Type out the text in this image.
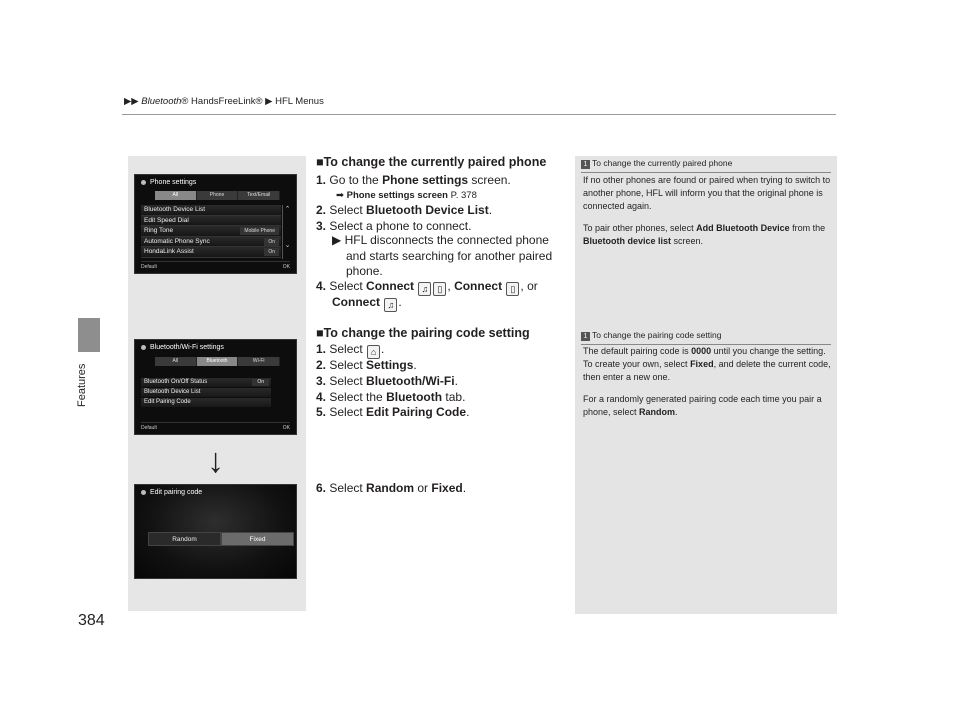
▶▶ Bluetooth® HandsFreeLink® ▶ HFL Menus
Features
384
Phone settings
All	Phone	Text/Email
Bluetooth Device List
Edit Speed Dial
Ring Tone	Mobile Phone
Automatic Phone Sync	On
HondaLink Assist	On
⌃
⌄
Default	OK
Bluetooth/Wi-Fi settings
All	Bluetooth	Wi-Fi
Bluetooth On/Off Status	On
Bluetooth Device List
Edit Pairing Code
Default	OK
↓
Edit pairing code
Random	Fixed
■To change the currently paired phone
1. Go to the Phone settings screen.
➡ Phone settings screen P. 378
2. Select Bluetooth Device List.
3. Select a phone to connect.
▶ HFL disconnects the connected phone
and starts searching for another paired
phone.
4. Select Connect ♫ ▯ , Connect ▯ , or
Connect ♫ .
■To change the pairing code setting
1. Select ⌂ .
2. Select Settings.
3. Select Bluetooth/Wi-Fi.
4. Select the Bluetooth tab.
5. Select Edit Pairing Code.
6. Select Random or Fixed.
1 To change the currently paired phone

If no other phones are found or paired when trying to switch to another phone, HFL will inform you that the original phone is connected again.

To pair other phones, select Add Bluetooth Device from the Bluetooth device list screen.

1 To change the pairing code setting

The default pairing code is 0000 until you change the setting.

To create your own, select Fixed, and delete the current code, then enter a new one.

For a randomly generated pairing code each time you pair a phone, select Random.
